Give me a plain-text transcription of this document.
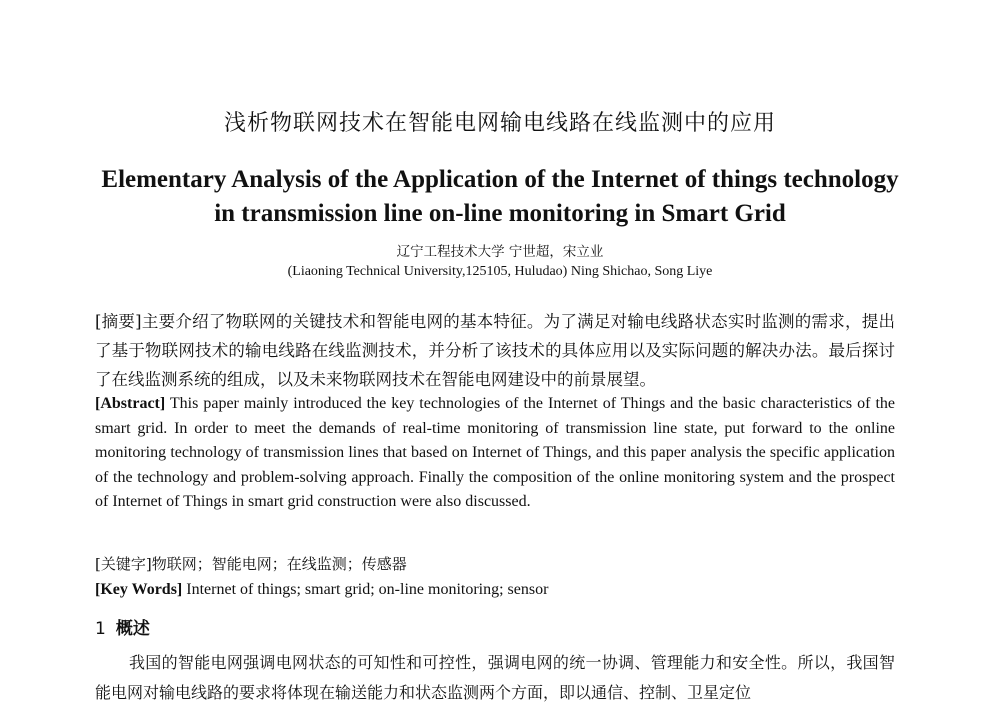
浅析物联网技术在智能电网输电线路在线监测中的应用
Elementary Analysis of the Application of the Internet of things technology in transmission line on-line monitoring in Smart Grid
辽宁工程技术大学 宁世超，宋立业
(Liaoning Technical University,125105, Huludao) Ning Shichao, Song Liye
[摘要]主要介绍了物联网的关键技术和智能电网的基本特征。为了满足对输电线路状态实时监测的需求，提出了基于物联网技术的输电线路在线监测技术，并分析了该技术的具体应用以及实际问题的解决办法。最后探讨了在线监测系统的组成，以及未来物联网技术在智能电网建设中的前景展望。
[Abstract] This paper mainly introduced the key technologies of the Internet of Things and the basic characteristics of the smart grid. In order to meet the demands of real-time monitoring of transmission line state, put forward to the online monitoring technology of transmission lines that based on Internet of Things, and this paper analysis the specific application of the technology and problem-solving approach. Finally the composition of the online monitoring system and the prospect of Internet of Things in smart grid construction were also discussed.
[关键字]物联网；智能电网；在线监测；传感器
[Key Words] Internet of things; smart grid; on-line monitoring; sensor
1 概述
我国的智能电网强调电网状态的可知性和可控性，强调电网的统一协调、管理能力和安全性。所以，我国智能电网对输电线路的要求将体现在输送能力和状态监测两个方面，即以通信、控制、卫星定位
